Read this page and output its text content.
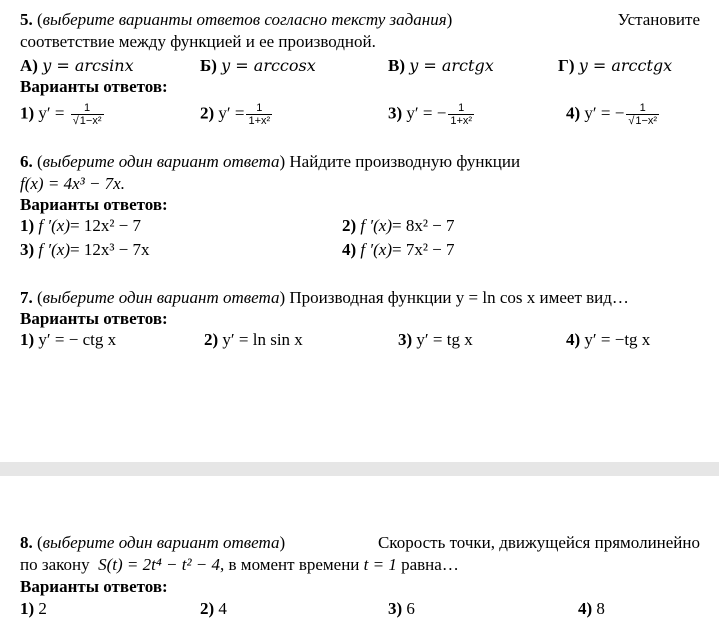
5. (выберите варианты ответов согласно тексту задания)	Установите
соответствие между функцией и ее производной.
А) y = arcsinx	Б) y = arccosx	В) y = arctgx	Г) y = arcctgx
Варианты ответов:
1) $y' = \frac{1}{\text{√1−x²}}$	2) $y' = \frac{1}{\text{1+x²}}$	3) y′ = − $\frac{1}{\text{1+x²}}$	4) y′ = − $\frac{1}{\text{√1−x²}}$
6. (выберите один вариант ответа) Найдите производную функции
f(x) = 4x³ − 7x.
Варианты ответов:
1) f ′(x)= 12x² − 7	2) f ′(x)= 8x² − 7
3) f ′(x)= 12x³ − 7x	4) f ′(x)= 7x² − 7
7. (выберите один вариант ответа) Производная функции y = ln cos x имеет вид…
Варианты ответов:
1) y′ = − ctg x	2) y′ = ln sin x	3) y′ = tg x	4) y′ = −tg x
8. (выберите один вариант ответа)	Скорость точки, движущейся прямолинейно
по закону S(t) = 2t⁴ − t² − 4, в момент времени t = 1 равна…
Варианты ответов:
1) 2	2) 4	3) 6	4) 8
